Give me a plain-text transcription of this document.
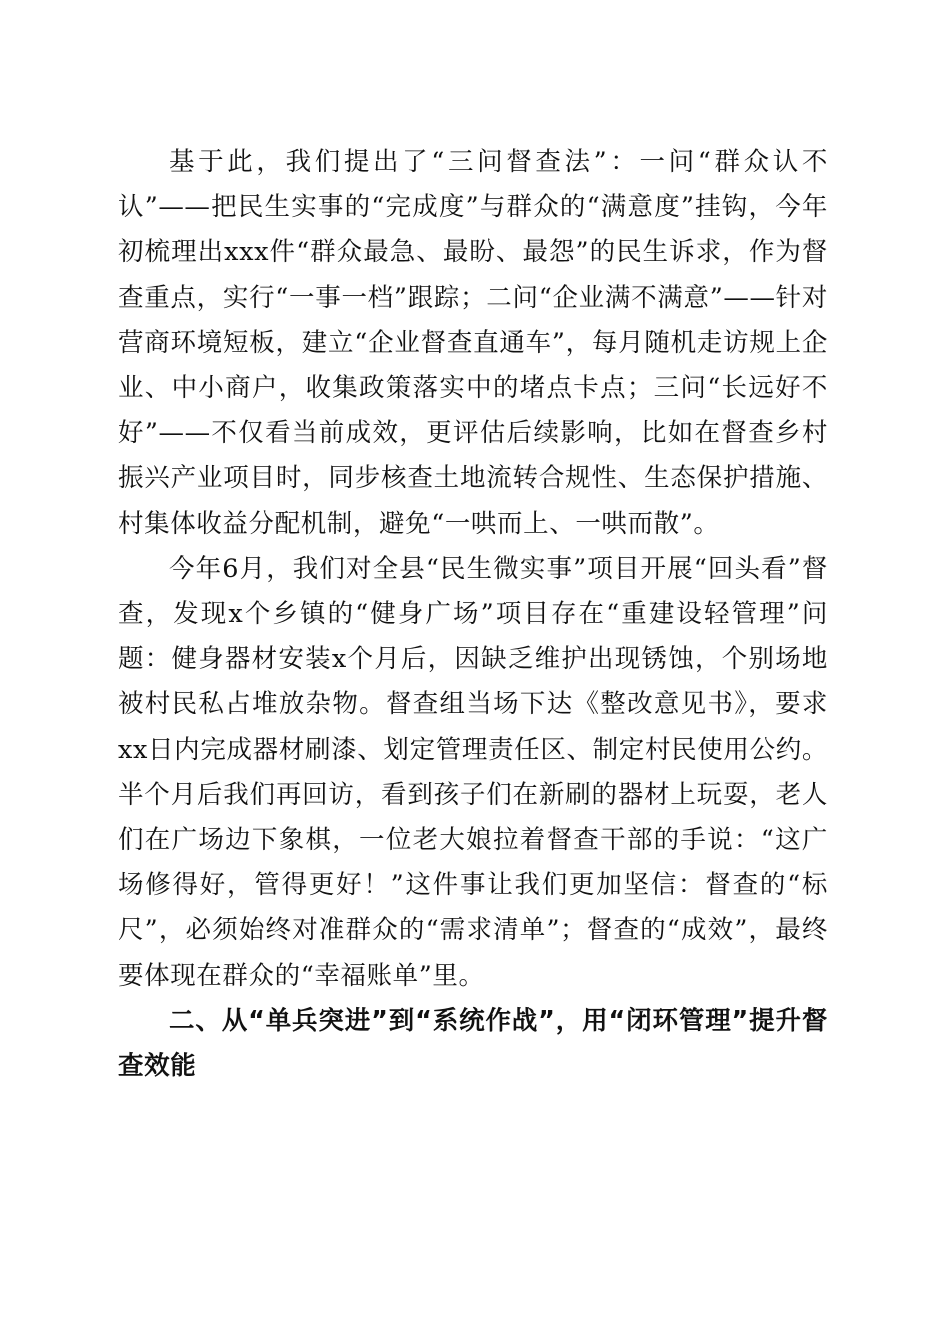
基于此，我们提出了“三问督查法”：一问“群众认不认”——把民生实事的“完成度”与群众的“满意度”挂钩，今年初梳理出xxx件“群众最急、最盼、最怨”的民生诉求，作为督查重点，实行“一事一档”跟踪；二问“企业满不满意”——针对营商环境短板，建立“企业督查直通车”，每月随机走访规上企业、中小商户，收集政策落实中的堵点卡点；三问“长远好不好”——不仅看当前成效，更评估后续影响，比如在督查乡村振兴产业项目时，同步核查土地流转合规性、生态保护措施、村集体收益分配机制，避免“一哄而上、一哄而散”。

今年6月，我们对全县“民生微实事”项目开展“回头看”督查，发现x个乡镇的“健身广场”项目存在“重建设轻管理”问题：健身器材安装x个月后，因缺乏维护出现锈蚀，个别场地被村民私占堆放杂物。督查组当场下达《整改意见书》，要求xx日内完成器材刷漆、划定管理责任区、制定村民使用公约。半个月后我们再回访，看到孩子们在新刷的器材上玩耍，老人们在广场边下象棋，一位老大娘拉着督查干部的手说：“这广场修得好，管得更好！”这件事让我们更加坚信：督查的“标尺”，必须始终对准群众的“需求清单”；督查的“成效”，最终要体现在群众的“幸福账单”里。

二、从“单兵突进”到“系统作战”，用“闭环管理”提升督查效能
